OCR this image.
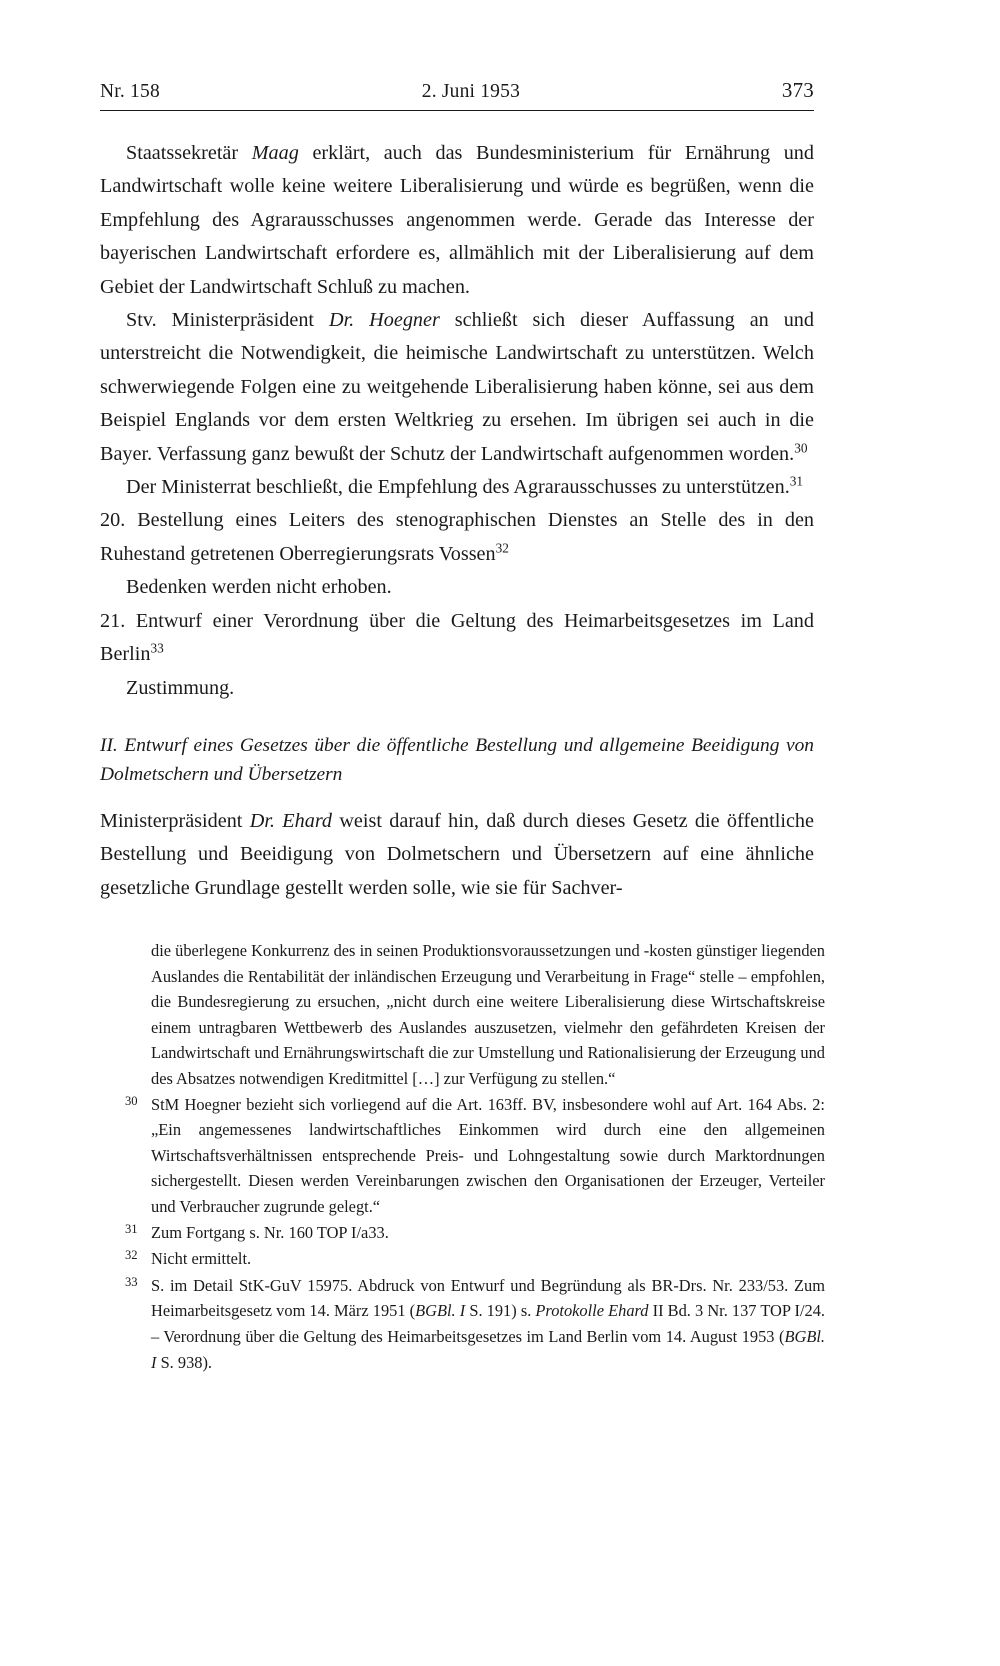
Nr. 158	2. Juni 1953	373

Staatssekretär Maag erklärt, auch das Bundesministerium für Ernährung und Landwirtschaft wolle keine weitere Liberalisierung und würde es begrüßen, wenn die Empfehlung des Agrarausschusses angenommen werde. Gerade das Interesse der bayerischen Landwirtschaft erfordere es, allmählich mit der Liberalisierung auf dem Gebiet der Landwirtschaft Schluß zu machen.

Stv. Ministerpräsident Dr. Hoegner schließt sich dieser Auffassung an und unterstreicht die Notwendigkeit, die heimische Landwirtschaft zu unterstützen. Welch schwerwiegende Folgen eine zu weitgehende Liberalisierung haben könne, sei aus dem Beispiel Englands vor dem ersten Weltkrieg zu ersehen. Im übrigen sei auch in die Bayer. Verfassung ganz bewußt der Schutz der Landwirtschaft aufgenommen worden.$^{30}$

Der Ministerrat beschließt, die Empfehlung des Agrarausschusses zu unterstützen.$^{31}$

20. Bestellung eines Leiters des stenographischen Dienstes an Stelle des in den Ruhestand getretenen Oberregierungsrats Vossen$^{32}$

Bedenken werden nicht erhoben.

21. Entwurf einer Verordnung über die Geltung des Heimarbeitsgesetzes im Land Berlin$^{33}$

Zustimmung.

II. Entwurf eines Gesetzes über die öffentliche Bestellung und allgemeine Beeidigung von Dolmetschern und Übersetzern

Ministerpräsident Dr. Ehard weist darauf hin, daß durch dieses Gesetz die öffentliche Bestellung und Beeidigung von Dolmetschern und Übersetzern auf eine ähnliche gesetzliche Grundlage gestellt werden solle, wie sie für Sachver-

die überlegene Konkurrenz des in seinen Produktionsvoraussetzungen und -kosten günstiger liegenden Auslandes die Rentabilität der inländischen Erzeugung und Verarbeitung in Frage“ stelle – empfohlen, die Bundesregierung zu ersuchen, „nicht durch eine weitere Liberalisierung diese Wirtschaftskreise einem untragbaren Wettbewerb des Auslandes auszusetzen, vielmehr den gefährdeten Kreisen der Landwirtschaft und Ernährungswirtschaft die zur Umstellung und Rationalisierung der Erzeugung und des Absatzes notwendigen Kreditmittel […] zur Verfügung zu stellen.“
30 StM Hoegner bezieht sich vorliegend auf die Art. 163ff. BV, insbesondere wohl auf Art. 164 Abs. 2: „Ein angemessenes landwirtschaftliches Einkommen wird durch eine den allgemeinen Wirtschaftsverhältnissen entsprechende Preis- und Lohngestaltung sowie durch Marktordnungen sichergestellt. Diesen werden Vereinbarungen zwischen den Organisationen der Erzeuger, Verteiler und Verbraucher zugrunde gelegt.“
31 Zum Fortgang s. Nr. 160 TOP I/a33.
32 Nicht ermittelt.
33 S. im Detail StK-GuV 15975. Abdruck von Entwurf und Begründung als BR-Drs. Nr. 233/53. Zum Heimarbeitsgesetz vom 14. März 1951 (BGBl. I S. 191) s. Protokolle Ehard II Bd. 3 Nr. 137 TOP I/24. – Verordnung über die Geltung des Heimarbeitsgesetzes im Land Berlin vom 14. August 1953 (BGBl. I S. 938).
